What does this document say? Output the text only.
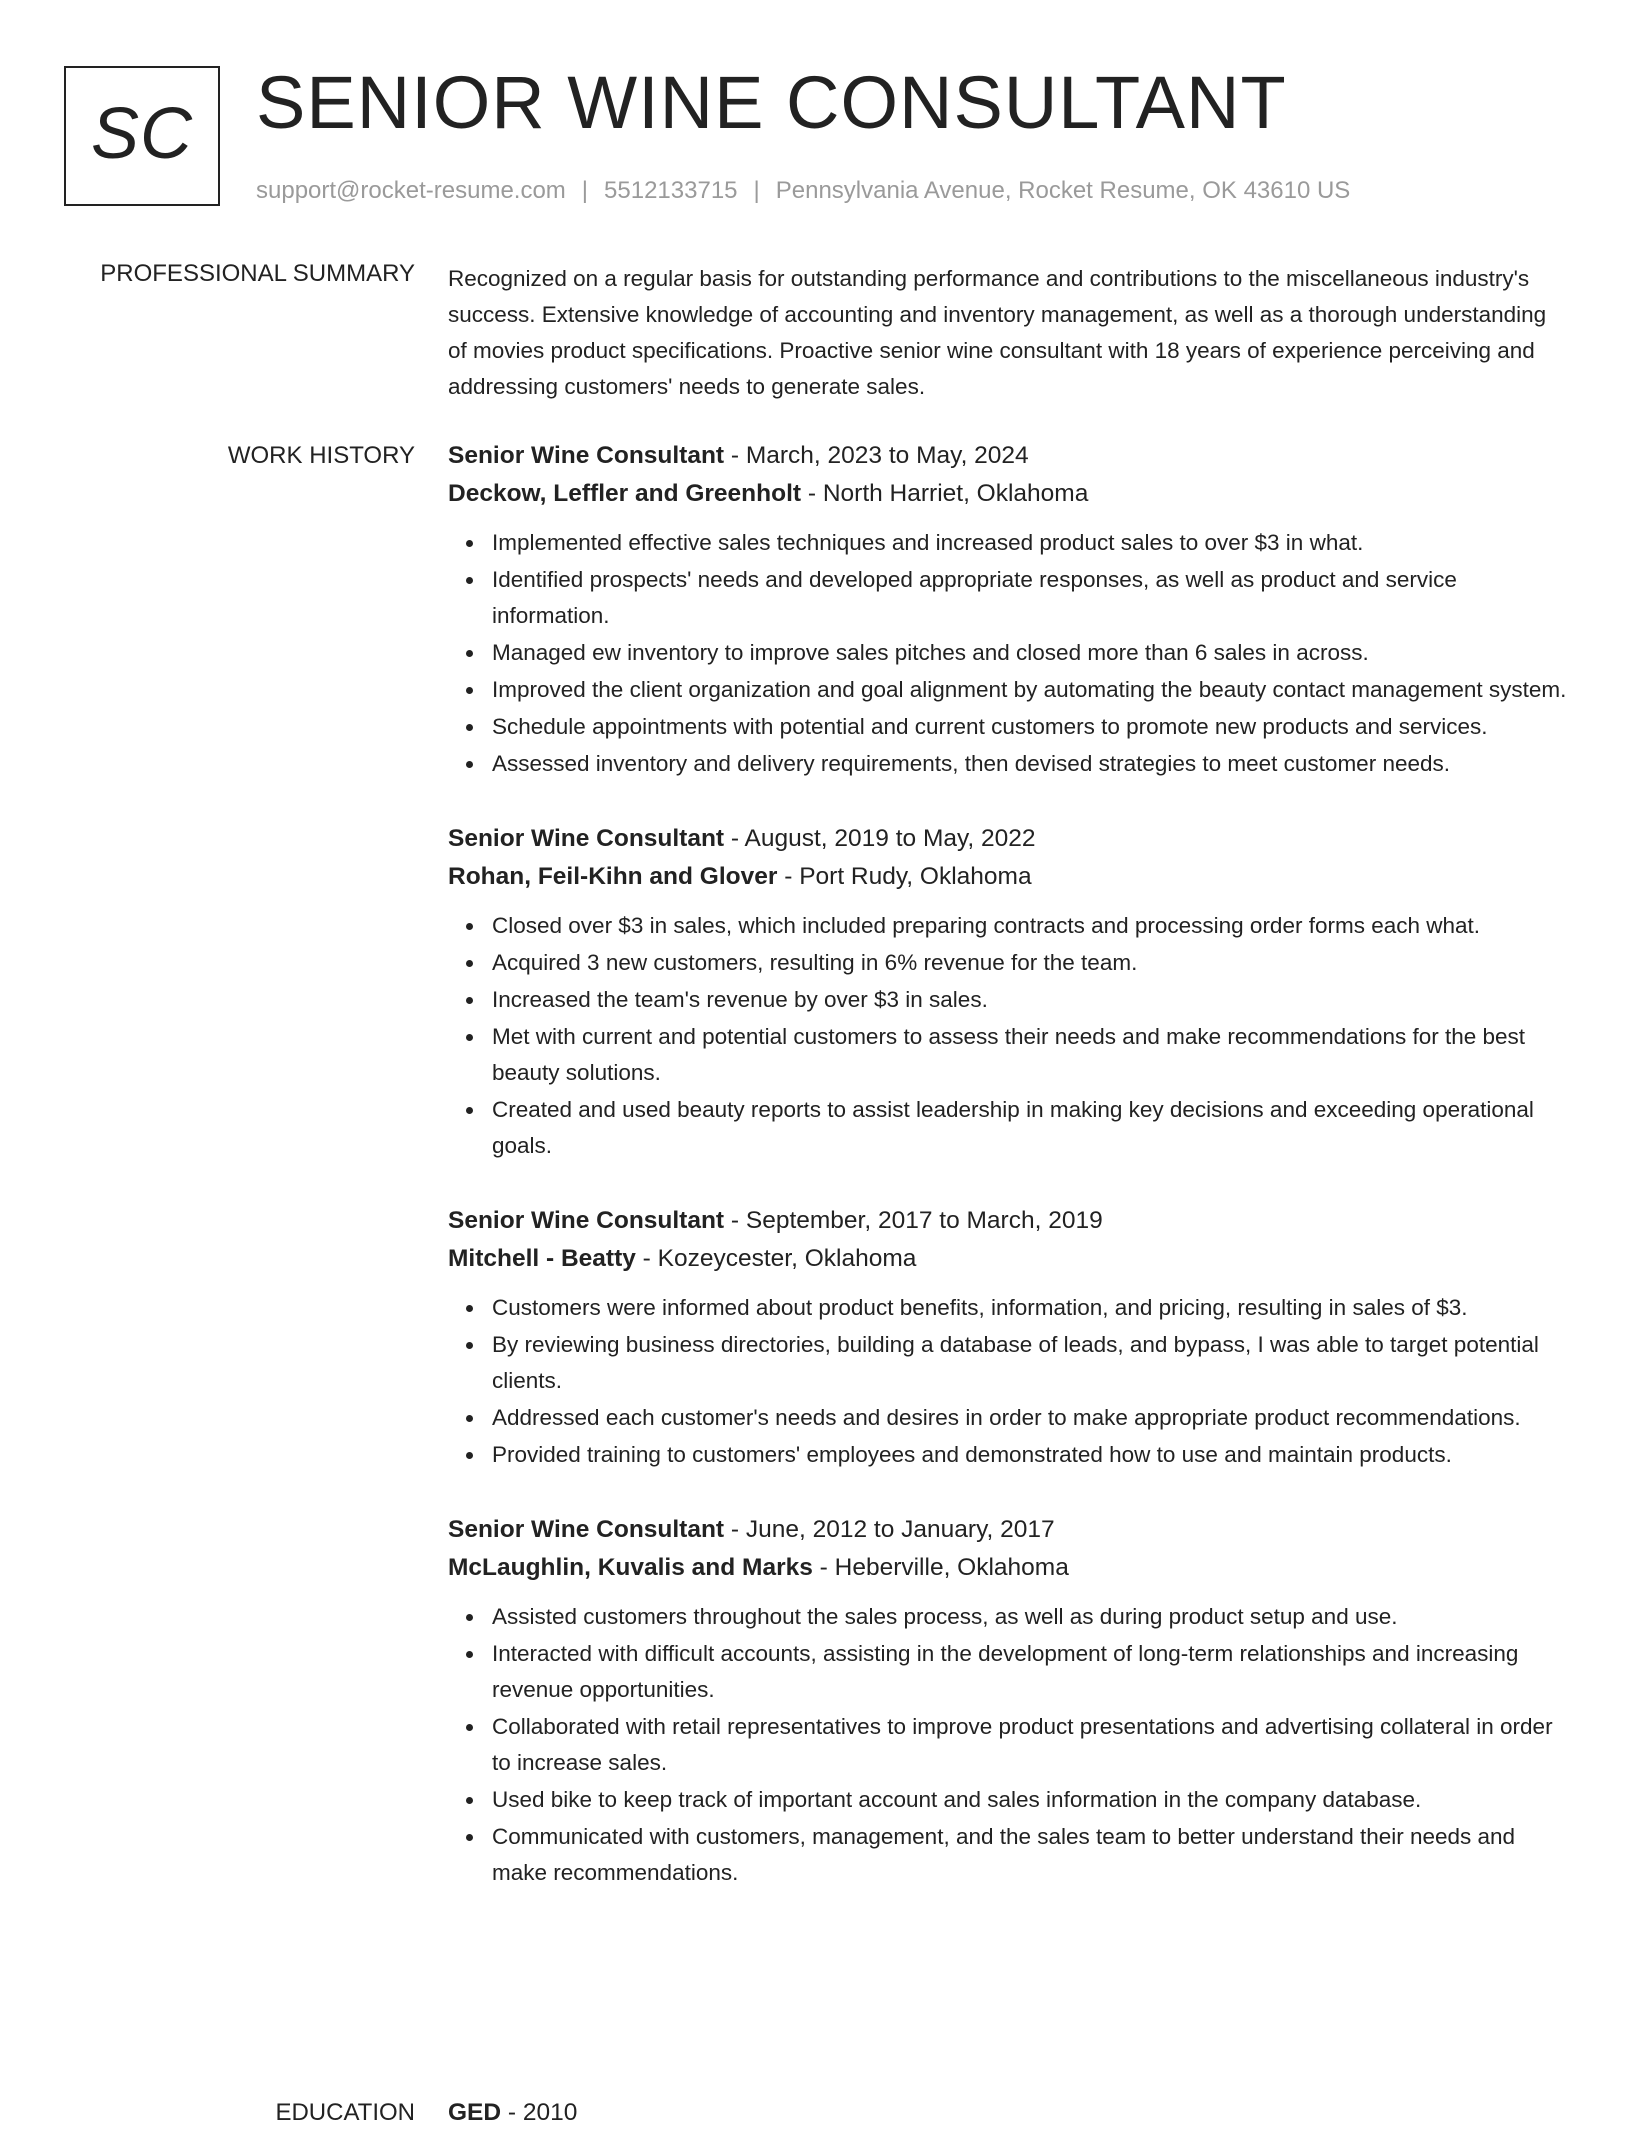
SC SENIOR WINE CONSULTANT
support@rocket-resume.com | 5512133715 | Pennsylvania Avenue, Rocket Resume, OK 43610 US
PROFESSIONAL SUMMARY Recognized on a regular basis for outstanding performance and contributions to the miscellaneous industry's success. Extensive knowledge of accounting and inventory management, as well as a thorough understanding of movies product specifications. Proactive senior wine consultant with 18 years of experience perceiving and addressing customers' needs to generate sales.

WORK HISTORY Senior Wine Consultant - March, 2023 to May, 2024
Deckow, Leffler and Greenholt - North Harriet, Oklahoma
Implemented effective sales techniques and increased product sales to over $3 in what.
Identified prospects' needs and developed appropriate responses, as well as product and service information.
Managed ew inventory to improve sales pitches and closed more than 6 sales in across.
Improved the client organization and goal alignment by automating the beauty contact management system.
Schedule appointments with potential and current customers to promote new products and services.
Assessed inventory and delivery requirements, then devised strategies to meet customer needs.
Senior Wine Consultant - August, 2019 to May, 2022
Rohan, Feil-Kihn and Glover - Port Rudy, Oklahoma
Closed over $3 in sales, which included preparing contracts and processing order forms each what.
Acquired 3 new customers, resulting in 6% revenue for the team.
Increased the team's revenue by over $3 in sales.
Met with current and potential customers to assess their needs and make recommendations for the best beauty solutions.
Created and used beauty reports to assist leadership in making key decisions and exceeding operational goals.
Senior Wine Consultant - September, 2017 to March, 2019
Mitchell - Beatty - Kozeycester, Oklahoma
Customers were informed about product benefits, information, and pricing, resulting in sales of $3.
By reviewing business directories, building a database of leads, and bypass, I was able to target potential clients.
Addressed each customer's needs and desires in order to make appropriate product recommendations.
Provided training to customers' employees and demonstrated how to use and maintain products.
Senior Wine Consultant - June, 2012 to January, 2017
McLaughlin, Kuvalis and Marks - Heberville, Oklahoma
Assisted customers throughout the sales process, as well as during product setup and use.
Interacted with difficult accounts, assisting in the development of long-term relationships and increasing revenue opportunities.
Collaborated with retail representatives to improve product presentations and advertising collateral in order to increase sales.
Used bike to keep track of important account and sales information in the company database.
Communicated with customers, management, and the sales team to better understand their needs and make recommendations.
EDUCATION GED - 2010
